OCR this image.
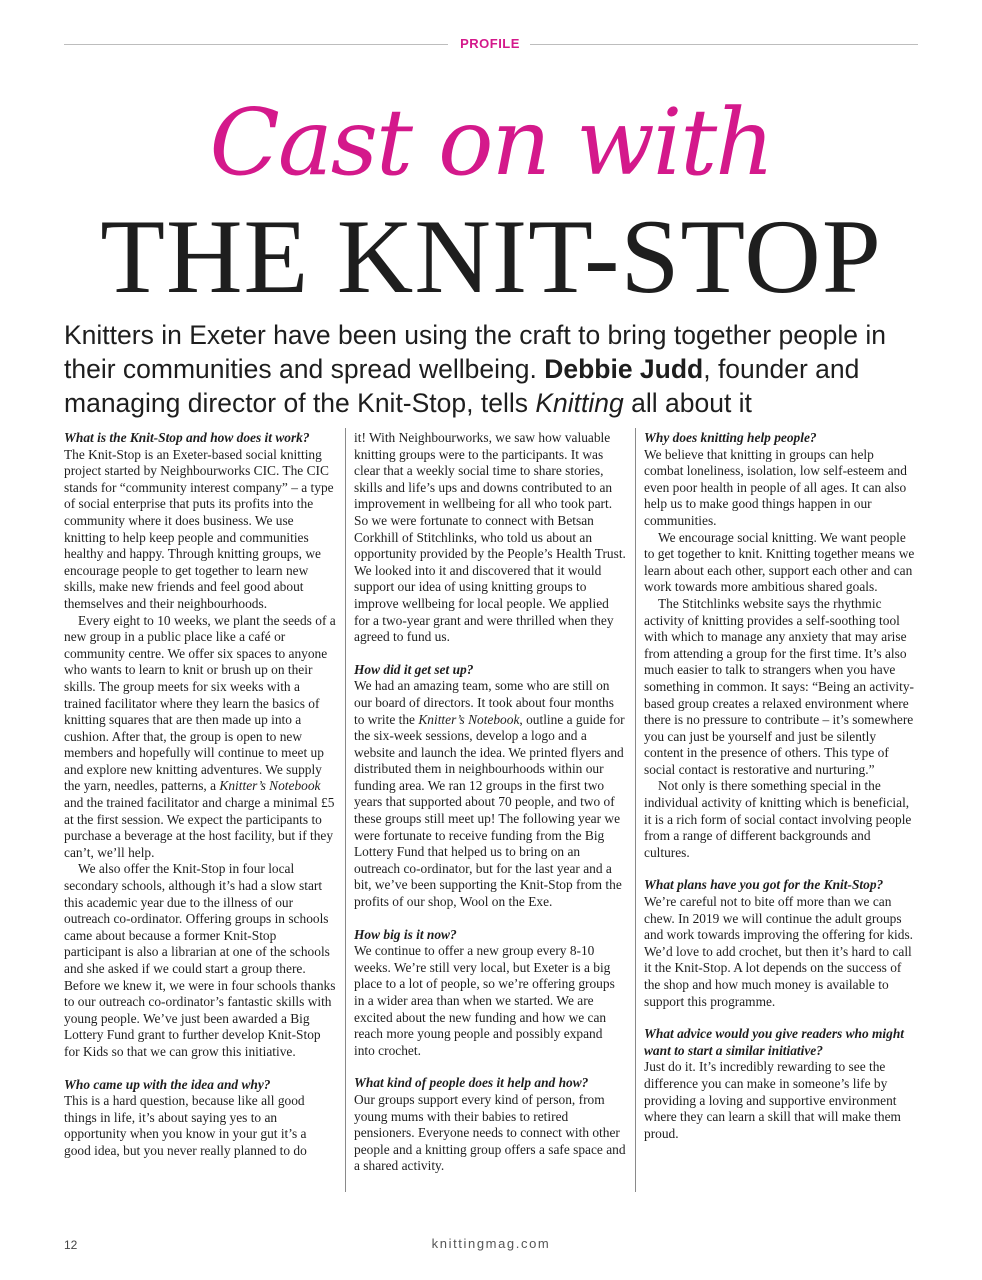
PROFILE
Cast on with
THE KNIT-STOP
Knitters in Exeter have been using the craft to bring together people in their communities and spread wellbeing. Debbie Judd, founder and managing director of the Knit-Stop, tells Knitting all about it

What is the Knit-Stop and how does it work?

The Knit-Stop is an Exeter-based social knitting project started by Neighbourworks CIC. The CIC stands for “community interest company” – a type of social enterprise that puts its profits into the community where it does business. We use knitting to help keep people and communities healthy and happy. Through knitting groups, we encourage people to get together to learn new skills, make new friends and feel good about themselves and their neighbourhoods.

Every eight to 10 weeks, we plant the seeds of a new group in a public place like a café or community centre. We offer six spaces to anyone who wants to learn to knit or brush up on their skills. The group meets for six weeks with a trained facilitator where they learn the basics of knitting squares that are then made up into a cushion. After that, the group is open to new members and hopefully will continue to meet up and explore new knitting adventures. We supply the yarn, needles, patterns, a Knitter’s Notebook and the trained facilitator and charge a minimal £5 at the first session. We expect the participants to purchase a beverage at the host facility, but if they can’t, we’ll help.

We also offer the Knit-Stop in four local secondary schools, although it’s had a slow start this academic year due to the illness of our outreach co-ordinator. Offering groups in schools came about because a former Knit-Stop participant is also a librarian at one of the schools and she asked if we could start a group there. Before we knew it, we were in four schools thanks to our outreach co-ordinator’s fantastic skills with young people. We’ve just been awarded a Big Lottery Fund grant to further develop Knit-Stop for Kids so that we can grow this initiative.

Who came up with the idea and why?

This is a hard question, because like all good things in life, it’s about saying yes to an opportunity when you know in your gut it’s a good idea, but you never really planned to do

it! With Neighbourworks, we saw how valuable knitting groups were to the participants. It was clear that a weekly social time to share stories, skills and life’s ups and downs contributed to an improvement in wellbeing for all who took part. So we were fortunate to connect with Betsan Corkhill of Stitchlinks, who told us about an opportunity provided by the People’s Health Trust. We looked into it and discovered that it would support our idea of using knitting groups to improve wellbeing for local people. We applied for a two-year grant and were thrilled when they agreed to fund us.

How did it get set up?

We had an amazing team, some who are still on our board of directors. It took about four months to write the Knitter’s Notebook, outline a guide for the six-week sessions, develop a logo and a website and launch the idea. We printed flyers and distributed them in neighbourhoods within our funding area. We ran 12 groups in the first two years that supported about 70 people, and two of these groups still meet up! The following year we were fortunate to receive funding from the Big Lottery Fund that helped us to bring on an outreach co-ordinator, but for the last year and a bit, we’ve been supporting the Knit-Stop from the profits of our shop, Wool on the Exe.

How big is it now?

We continue to offer a new group every 8-10 weeks. We’re still very local, but Exeter is a big place to a lot of people, so we’re offering groups in a wider area than when we started. We are excited about the new funding and how we can reach more young people and possibly expand into crochet.

What kind of people does it help and how?

Our groups support every kind of person, from young mums with their babies to retired pensioners. Everyone needs to connect with other people and a knitting group offers a safe space and a shared activity.

Why does knitting help people?

We believe that knitting in groups can help combat loneliness, isolation, low self-esteem and even poor health in people of all ages. It can also help us to make good things happen in our communities.

We encourage social knitting. We want people to get together to knit. Knitting together means we learn about each other, support each other and can work towards more ambitious shared goals.

The Stitchlinks website says the rhythmic activity of knitting provides a self-soothing tool with which to manage any anxiety that may arise from attending a group for the first time. It’s also much easier to talk to strangers when you have something in common. It says: “Being an activity-based group creates a relaxed environment where there is no pressure to contribute – it’s somewhere you can just be yourself and just be silently content in the presence of others. This type of social contact is restorative and nurturing.”

Not only is there something special in the individual activity of knitting which is beneficial, it is a rich form of social contact involving people from a range of different backgrounds and cultures.

What plans have you got for the Knit-Stop?

We’re careful not to bite off more than we can chew. In 2019 we will continue the adult groups and work towards improving the offering for kids. We’d love to add crochet, but then it’s hard to call it the Knit-Stop. A lot depends on the success of the shop and how much money is available to support this programme.

What advice would you give readers who might want to start a similar initiative?

Just do it. It’s incredibly rewarding to see the difference you can make in someone’s life by providing a loving and supportive environment where they can learn a skill that will make them proud.

12	knittingmag.com
